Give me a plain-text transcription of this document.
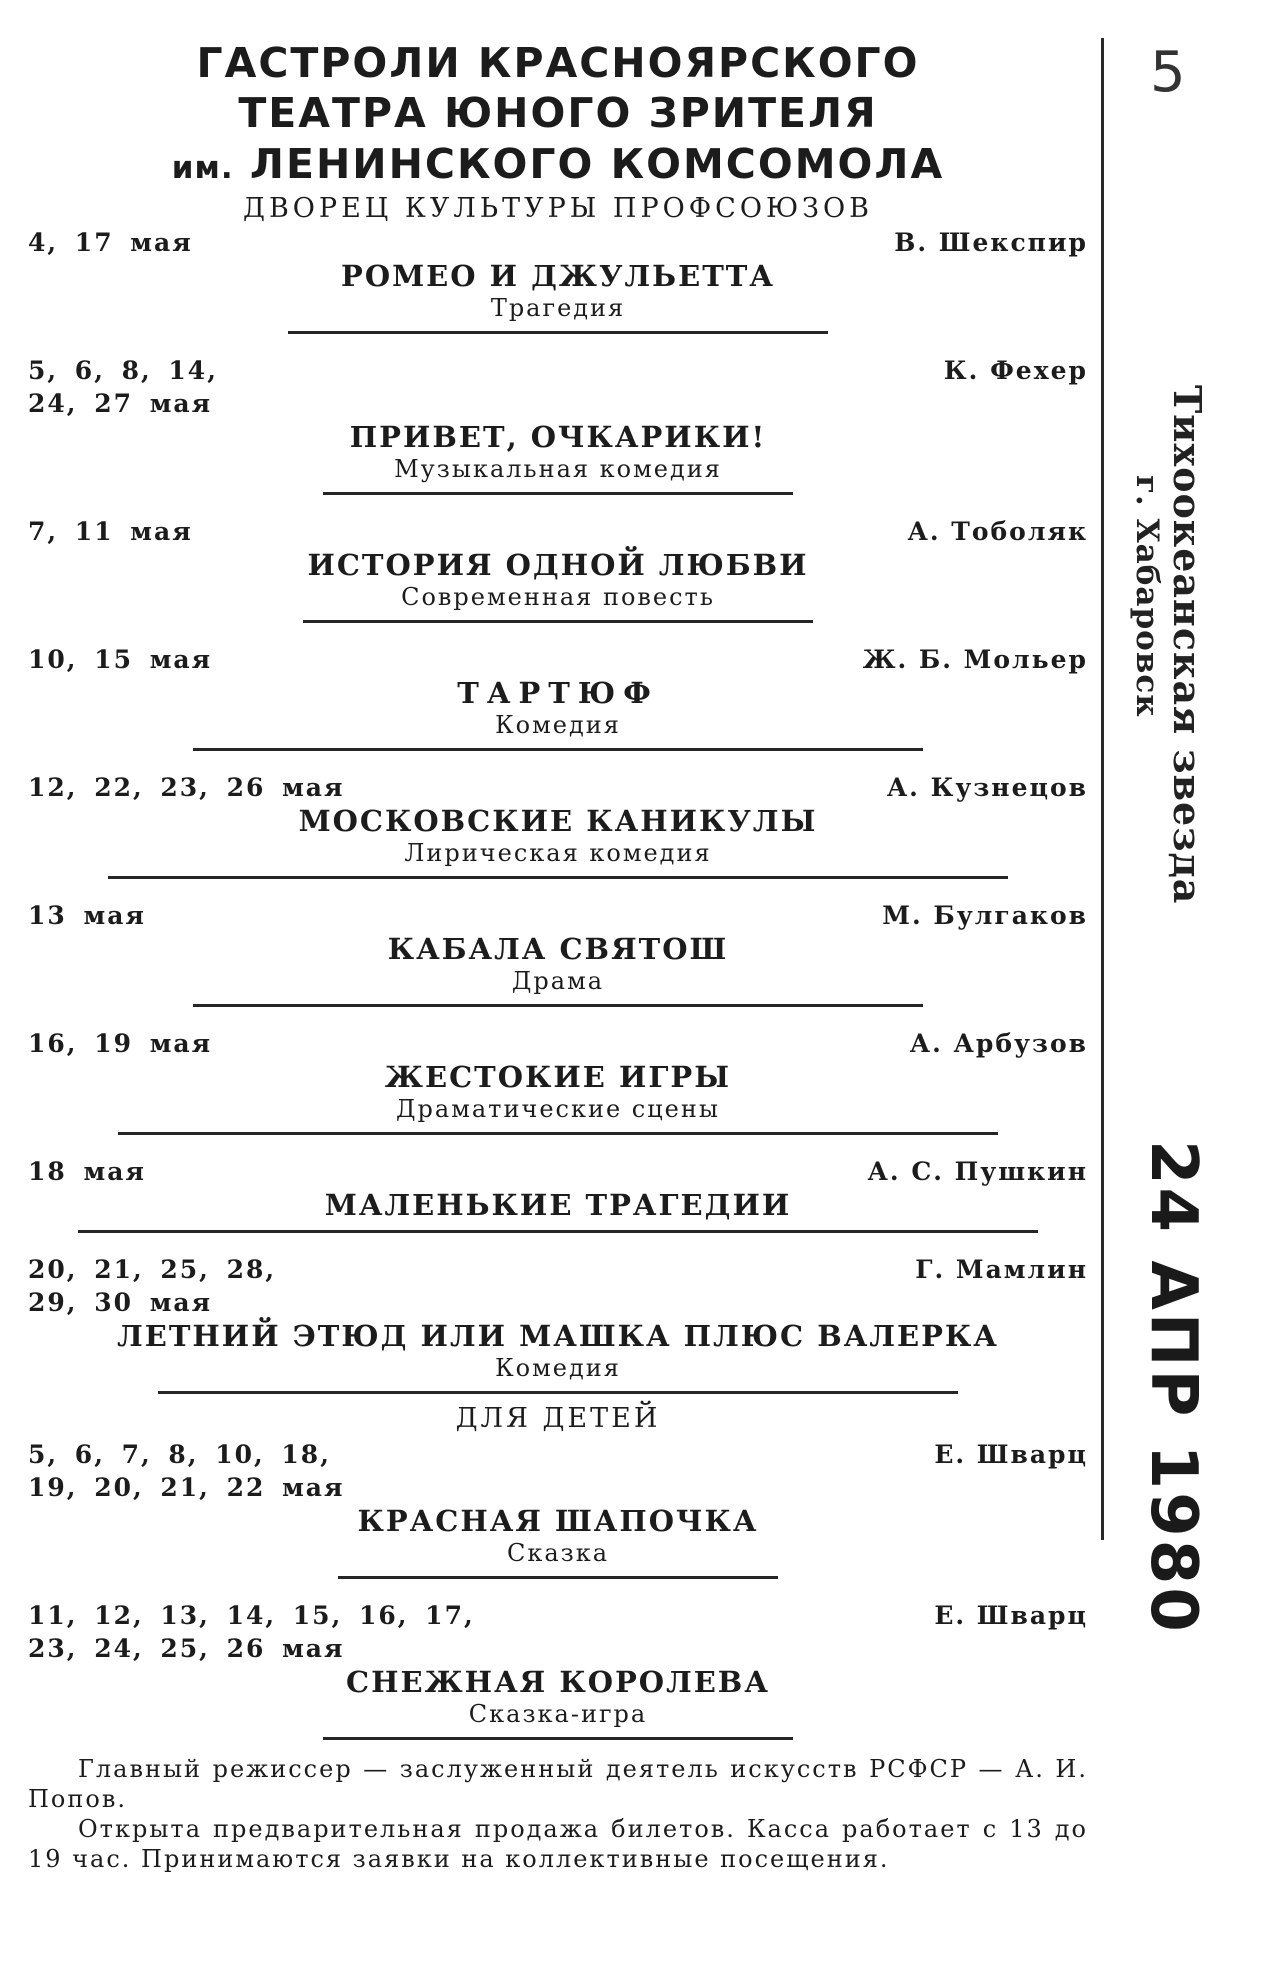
ГАСТРОЛИ КРАСНОЯРСКОГО
ТЕАТРА ЮНОГО ЗРИТЕЛЯ
им. ЛЕНИНСКОГО КОМСОМОЛА
ДВОРЕЦ КУЛЬТУРЫ ПРОФСОЮЗОВ
4, 17 мая	В. Шекспир
РОМЕО И ДЖУЛЬЕТТА
Трагедия
5, 6, 8, 14,
24, 27 мая
К. Фехер
ПРИВЕТ, ОЧКАРИКИ!
Музыкальная комедия
7, 11 мая	А. Тоболяк
ИСТОРИЯ ОДНОЙ ЛЮБВИ
Современная повесть
10, 15 мая	Ж. Б. Мольер
ТАРТЮФ
Комедия
12, 22, 23, 26 мая	А. Кузнецов
МОСКОВСКИЕ КАНИКУЛЫ
Лирическая комедия
13 мая	М. Булгаков
КАБАЛА СВЯТОШ
Драма
16, 19 мая	А. Арбузов
ЖЕСТОКИЕ ИГРЫ
Драматические сцены
18 мая	А. С. Пушкин
МАЛЕНЬКИЕ ТРАГЕДИИ
20, 21, 25, 28,
29, 30 мая
Г. Мамлин
ЛЕТНИЙ ЭТЮД ИЛИ МАШКА ПЛЮС ВАЛЕРКА
Комедия
ДЛЯ ДЕТЕЙ
5, 6, 7, 8, 10, 18,
19, 20, 21, 22 мая
Е. Шварц
КРАСНАЯ ШАПОЧКА
Сказка
11, 12, 13, 14, 15, 16, 17,
23, 24, 25, 26 мая
Е. Шварц
СНЕЖНАЯ КОРОЛЕВА
Сказка-игра

Главный режиссер — заслуженный деятель искусств РСФСР — А. И. Попов.

Открыта предварительная продажа билетов. Касса работает с 13 до 19 час. Принимаются заявки на коллективные посещения.

5
Тихоокеанская звезда
г. Хабаровск
24 АПР 1980
